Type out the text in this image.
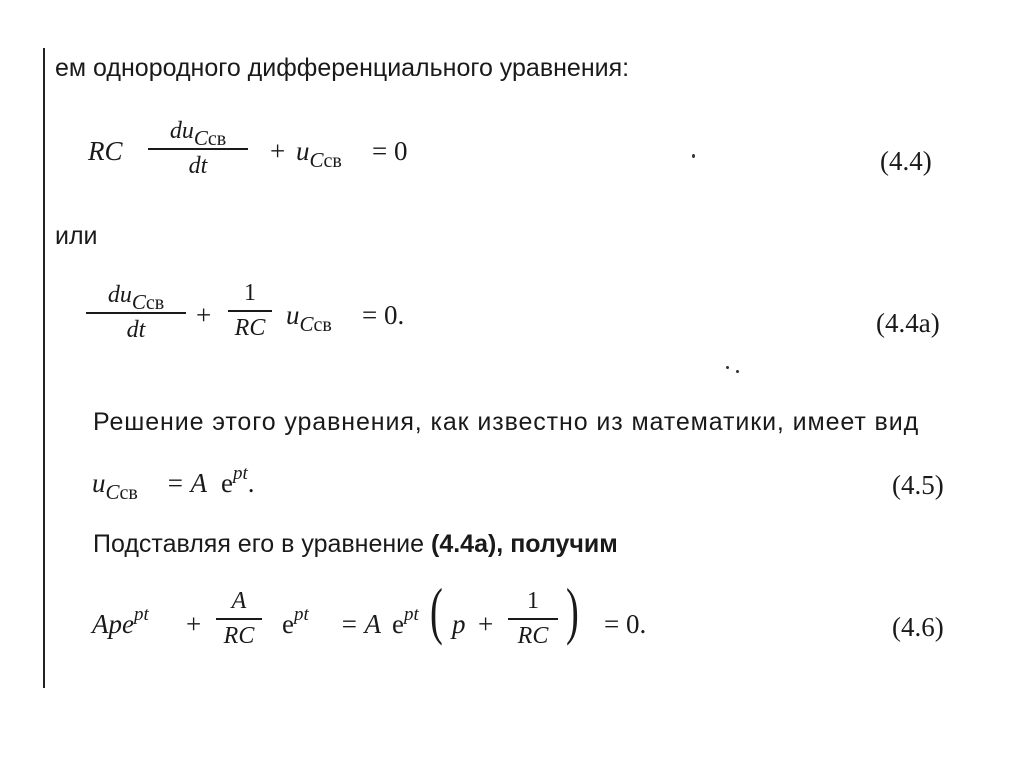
ем однородного дифференциального уравнения:
RC
duC$_{св}$
dt	+ $u_{Cсв} = 0$	(4.4)
или
duC$_{св}$
dt	+
1
RC $u_{Cсв} = 0$.	(4.4а)
Решение этого уравнения, как известно из математики, имеет вид
$u_{Cсв} = A$ $e^{pt}$.	(4.5)
Подставляя его в уравнение (4.4а), получим
Ape$^{pt}$ +
A
RC $e^{pt} = A$ $e^{pt}$ ( p +
1
RC ) = 0.	(4.6)
